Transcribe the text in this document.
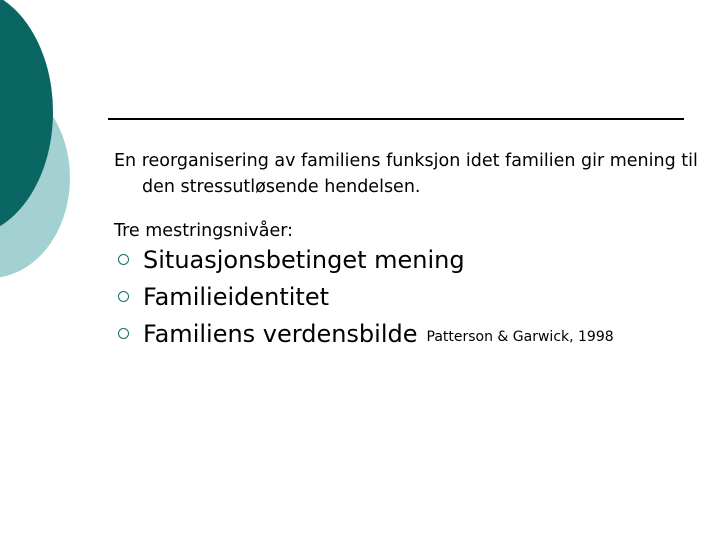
En reorganisering av familiens funksjon idet familien gir mening til den stressutløsende hendelsen.

Tre mestringsnivåer:

Situasjonsbetinget mening
Familieidentitet
Familiens verdensbilde Patterson & Garwick, 1998
